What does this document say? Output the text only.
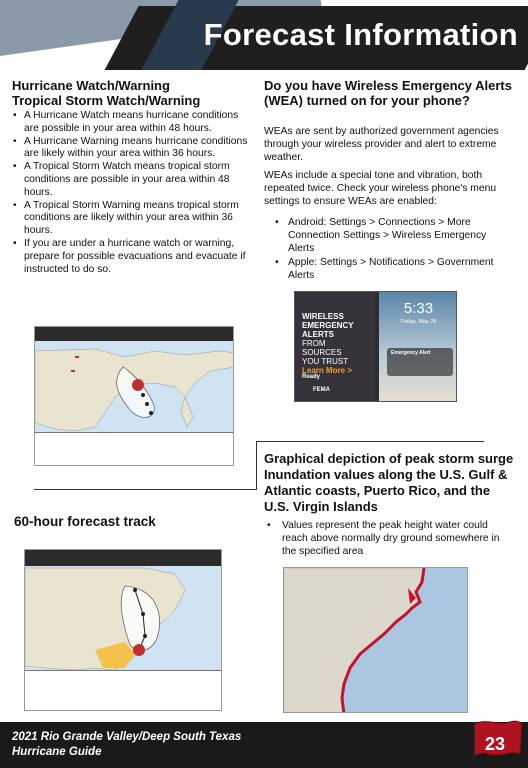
Forecast Information
Hurricane Watch/Warning
Tropical Storm Watch/Warning
• A Hurricane Watch means hurricane conditions are possible in your area within 48 hours.
• A Hurricane Warning means hurricane conditions are likely within your area within 36 hours.
• A Tropical Storm Watch means tropical storm conditions are possible in your area within 48 hours.
• A Tropical Storm Warning means tropical storm conditions are likely within your area within 36 hours.
• If you are under a hurricane watch or warning, prepare for possible evacuations and evacuate if instructed to do so.
60-hour forecast track
Do you have Wireless Emergency Alerts (WEA) turned on for your phone?
WEAs are sent by authorized government agencies through your wireless provider and alert to extreme weather.
WEAs include a special tone and vibration, both repeated twice. Check your wireless phone's menu settings to ensure WEAs are enabled:
• Android: Settings > Connections > More Connection Settings > Wireless Emergency Alerts
• Apple: Settings > Notifications > Government Alerts
WIRELESS
EMERGENCY
ALERTS
FROM
SOURCES
YOU TRUST
Learn More >
Ready
FEMA
5:33
Friday, May 26
Emergency Alert
Graphical depiction of peak storm surge Inundation values along the U.S. Gulf & Atlantic coasts, Puerto Rico, and the U.S. Virgin Islands
• Values represent the peak height water could reach above normally dry ground somewhere in the specified area
2021 Rio Grande Valley/Deep South Texas
Hurricane Guide	23
